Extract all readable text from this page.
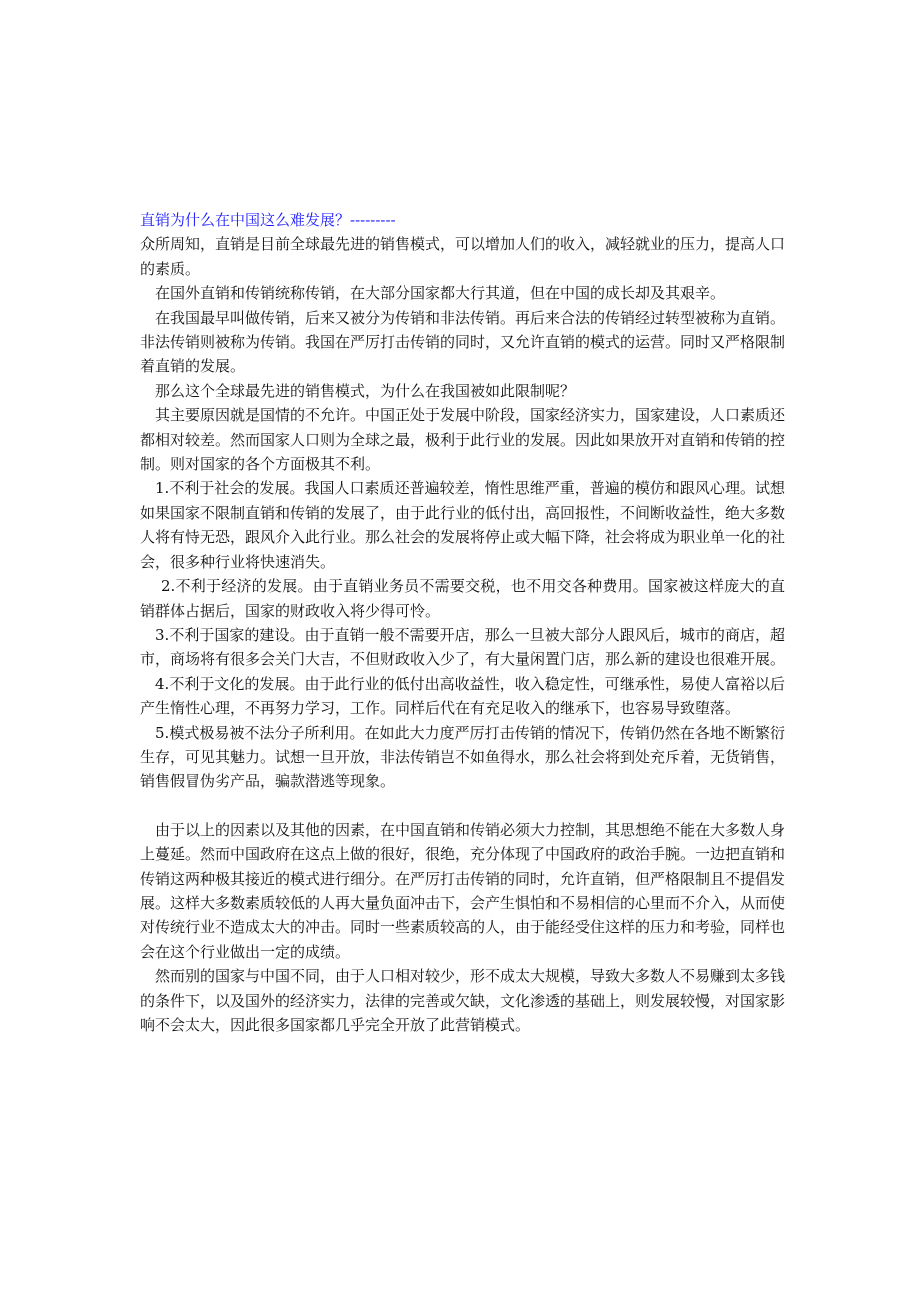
直销为什么在中国这么难发展？---------

众所周知，直销是目前全球最先进的销售模式，可以增加人们的收入，减轻就业的压力，提高人口的素质。

在国外直销和传销统称传销，在大部分国家都大行其道，但在中国的成长却及其艰辛。

在我国最早叫做传销，后来又被分为传销和非法传销。再后来合法的传销经过转型被称为直销。非法传销则被称为传销。我国在严厉打击传销的同时，又允许直销的模式的运营。同时又严格限制着直销的发展。

那么这个全球最先进的销售模式，为什么在我国被如此限制呢？

其主要原因就是国情的不允许。中国正处于发展中阶段，国家经济实力，国家建设，人口素质还都相对较差。然而国家人口则为全球之最，极利于此行业的发展。因此如果放开对直销和传销的控制。则对国家的各个方面极其不利。

1.不利于社会的发展。我国人口素质还普遍较差，惰性思维严重，普遍的模仿和跟风心理。试想如果国家不限制直销和传销的发展了，由于此行业的低付出，高回报性，不间断收益性，绝大多数人将有恃无恐，跟风介入此行业。那么社会的发展将停止或大幅下降，社会将成为职业单一化的社会，很多种行业将快速消失。

2.不利于经济的发展。由于直销业务员不需要交税，也不用交各种费用。国家被这样庞大的直销群体占据后，国家的财政收入将少得可怜。

3.不利于国家的建设。由于直销一般不需要开店，那么一旦被大部分人跟风后，城市的商店，超市，商场将有很多会关门大吉，不但财政收入少了，有大量闲置门店，那么新的建设也很难开展。

4.不利于文化的发展。由于此行业的低付出高收益性，收入稳定性，可继承性，易使人富裕以后产生惰性心理，不再努力学习，工作。同样后代在有充足收入的继承下，也容易导致堕落。

5.模式极易被不法分子所利用。在如此大力度严厉打击传销的情况下，传销仍然在各地不断繁衍生存，可见其魅力。试想一旦开放，非法传销岂不如鱼得水，那么社会将到处充斥着，无货销售，销售假冒伪劣产品，骗款潜逃等现象。

由于以上的因素以及其他的因素，在中国直销和传销必须大力控制，其思想绝不能在大多数人身上蔓延。然而中国政府在这点上做的很好，很绝，充分体现了中国政府的政治手腕。一边把直销和传销这两种极其接近的模式进行细分。在严厉打击传销的同时，允许直销，但严格限制且不提倡发展。这样大多数素质较低的人再大量负面冲击下，会产生惧怕和不易相信的心里而不介入，从而使对传统行业不造成太大的冲击。同时一些素质较高的人，由于能经受住这样的压力和考验，同样也会在这个行业做出一定的成绩。

然而别的国家与中国不同，由于人口相对较少，形不成太大规模，导致大多数人不易赚到太多钱的条件下，以及国外的经济实力，法律的完善或欠缺，文化渗透的基础上，则发展较慢，对国家影响不会太大，因此很多国家都几乎完全开放了此营销模式。
